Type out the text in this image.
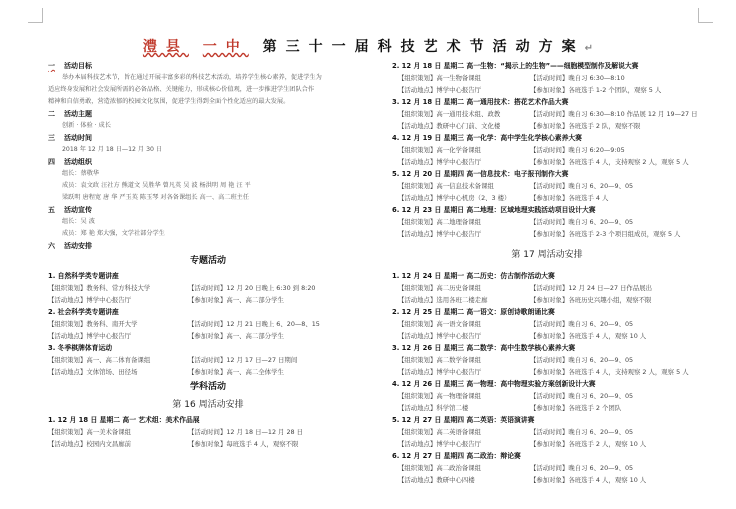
澧县 一中 第三十一届科技艺术节活动方案↵
一 活动目标
举办本届科技艺术节，旨在通过开展丰富多彩的科技艺术活动，培养学生核心素养，促进学生为
适应终身发展和社会发展所需的必备品格、关键能力，形成核心价值观，进一步推进学生团队合作
精神和自信勇敢，营造浓郁的校园文化氛围，促进学生得到全面个性化适应的最大发展。
二 活动主题
创新 · 体验 · 成长
三 活动时间
2018 年 12 月 18 日—12 月 30 日
四 活动组织
组长：蔡敬华
成员：袁文政 汪社方 熊道文 吴胜华 曾凡英 吴 波 杨洪明 周 艳 汪 平
梁跃明 唐程宽 唐 华 严玉英 陈玉琴 对各备课组长 高一、高二班主任
五 活动宣传
组长：吴 波
成员：郑 艳 郑大强，文学社部分学生
六 活动安排
专题活动
1. 自然科学类专题讲座
【组织策划】教务科、常方科技大学	【活动时间】12 月 20 日晚上 6:30 到 8:20
【活动地点】博学中心报告厅	【参加对象】高一、高二部分学生
2. 社会科学类专题讲座
【组织策划】教务科、南开大学	【活动时间】12 月 21 日晚上 6、20—8、15
【活动地点】博学中心报告厅	【参加对象】高一、高二部分学生
3. 冬季棋牌体育运动
【组织策划】高一、高二体育备课组	【活动时间】12 月 17 日—27 日期间
【活动地点】文体馆场、田径场	【参加对象】高一、高二全体学生
学科活动
第 16 周活动安排
1. 12 月 18 日 星期二 高一 艺术组：美术作品展
【组织策划】高一美术备课组	【活动时间】12 月 18 日—12 月 28 日
【活动地点】校园内文昌廊前	【参加对象】每班选手 4 人，观察不限
2. 12 月 18 日 星期二 高一生物：“揭示上的生物”——细胞模型制作及解说大赛
【组织策划】高一生物备课组	【活动时间】晚自习 6:30—8:10
【活动地点】博学中心报告厅	【参加对象】各班选手 1-2 个团队，观察 5 人
3. 12 月 18 日 星期二 高一通用技术：搭花艺术作品大赛
【组织策划】高一通用技术组、政教	【活动时间】晚自习 6:30—8:10 作品展 12 月 19—27 日
【活动地点】教研中心门前、文化楼	【参加对象】各班选手 2 队，观察不限
4. 12 月 19 日 星期三 高一化学：高中学生化学核心素养大赛
【组织策划】高一化学备课组	【活动时间】晚自习 6:20—9:05
【活动地点】博学中心报告厅	【参加对象】各班选手 4 人，支持观察 2 人，观察 5 人
5. 12 月 20 日 星期四 高一信息技术：电子报刊制作大赛
【组织策划】高一信息技术备课组	【活动时间】晚自习 6、20—9、05
【活动地点】博学中心机房（2、3 楼）	【参加对象】各班选手 4 人
6. 12 月 23 日 星期日 高二地理：区域地理实践活动项目设计大赛
【组织策划】高二地理备课组	【活动时间】晚自习 6、20—9、05
【活动地点】博学中心报告厅	【参加对象】各班选手 2-3 个项目组成员，观察 5 人
第 17 周活动安排
1. 12 月 24 日 星期一 高二历史：仿古制作活动大赛
【组织策划】高二历史备课组	【活动时间】12 月 24 日—27 日作品展出
【活动地点】选用各班二楼走廊	【参加对象】各班历史兴趣小组，观察不限
2. 12 月 25 日 星期二 高一语文：原创诗歌朗诵比赛
【组织策划】高一语文备课组	【活动时间】晚自习 6、20—9、05
【活动地点】博学中心报告厅	【参加对象】各班选手 4 人，观察 10 人
3. 12 月 26 日 星期三 高二数学：高中生数学核心素养大赛
【组织策划】高二数学备课组	【活动时间】晚自习 6、20—9、05
【活动地点】博学中心报告厅	【参加对象】各班选手 4 人，支持观察 2 人，观察 5 人
4. 12 月 26 日 星期三 高一物理：高中物理实验方案创新设计大赛
【组织策划】高一物理备课组	【活动时间】晚自习 6、20—9、05
【活动地点】科学馆二楼	【参加对象】各班选手 2 个团队
5. 12 月 27 日 星期四 高二英语：英语演讲赛
【组织策划】高二英语备课组	【活动时间】晚自习 6、20—9、05
【活动地点】博学中心报告厅	【参加对象】各班选手 2 人，观察 10 人
6. 12 月 27 日 星期四 高二政治：辩论赛
【组织策划】高二政治备课组	【活动时间】晚自习 6、20—9、05
【活动地点】教研中心四楼	【参加对象】各班选手 4 人，观察 10 人
